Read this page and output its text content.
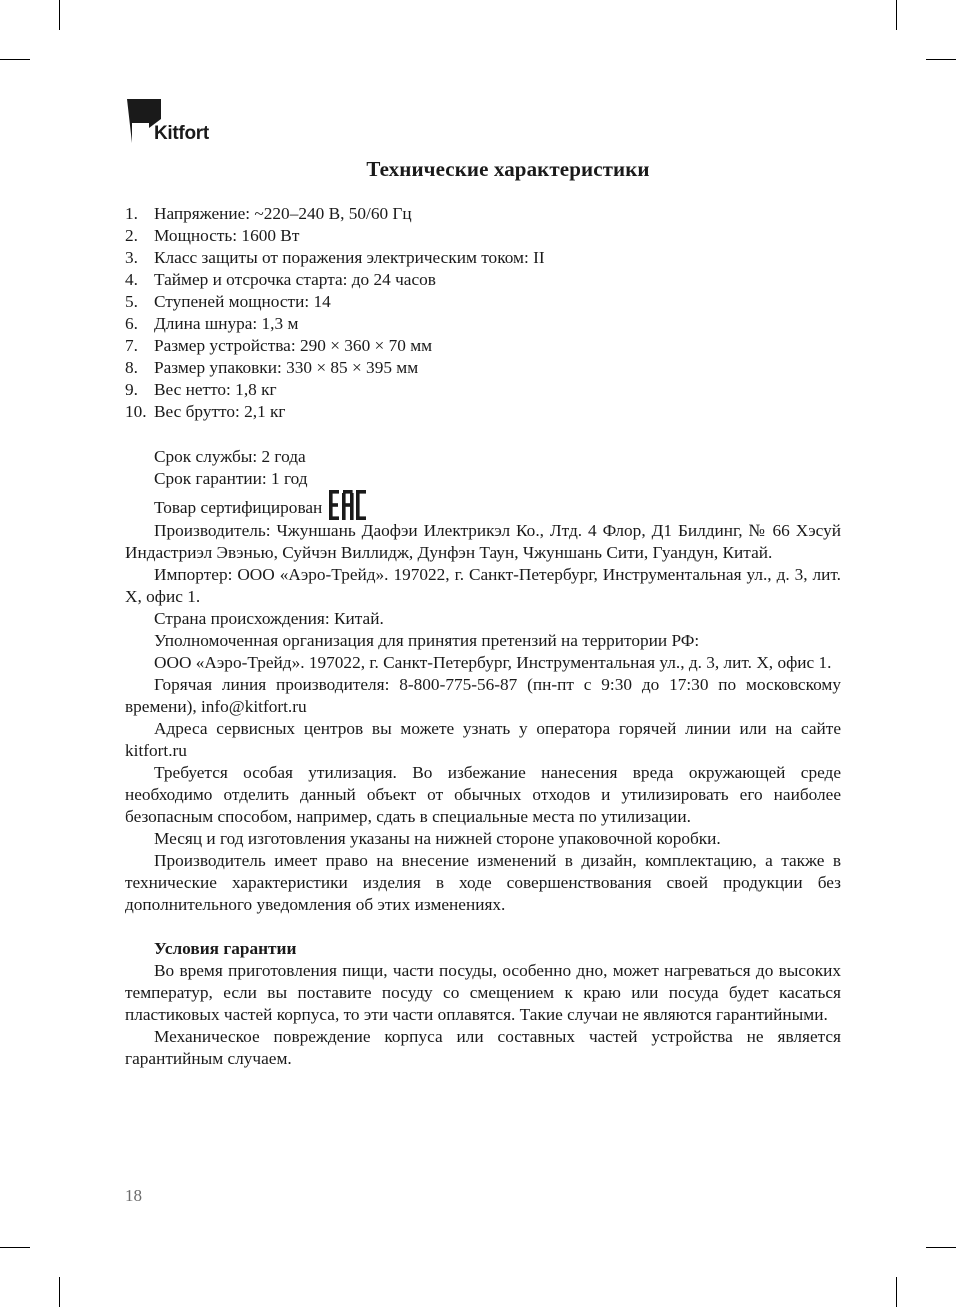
Kitfort
Технические характеристики
1. Напряжение: ~220–240 В, 50/60 Гц
2. Мощность: 1600 Вт
3. Класс защиты от поражения электрическим током: II
4. Таймер и отсрочка старта: до 24 часов
5. Ступеней мощности: 14
6. Длина шнура: 1,3 м
7. Размер устройства: 290 × 360 × 70 мм
8. Размер упаковки: 330 × 85 × 395 мм
9. Вес нетто: 1,8 кг
10. Вес брутто: 2,1 кг

Срок службы: 2 года

Срок гарантии: 1 год

Товар сертифицирован

Производитель: Чжуншань Даофэи Илектрикэл Ко., Лтд. 4 Флор, Д1 Билдинг, № 66 Хэсуй Индастриэл Эвэнью, Суйчэн Виллидж, Дунфэн Таун, Чжуншань Сити, Гуандун, Китай.

Импортер: ООО «Аэро-Трейд». 197022, г. Санкт-Петербург, Инструментальная ул., д. 3, лит. Х, офис 1.

Страна происхождения: Китай.

Уполномоченная организация для принятия претензий на территории РФ:

ООО «Аэро-Трейд». 197022, г. Санкт-Петербург, Инструментальная ул., д. 3, лит. Х, офис 1.

Горячая линия производителя: 8-800-775-56-87 (пн-пт с 9:30 до 17:30 по московскому времени), info@kitfort.ru

Адреса сервисных центров вы можете узнать у оператора горячей линии или на сайте kitfort.ru

Требуется особая утилизация. Во избежание нанесения вреда окружающей среде необходимо отделить данный объект от обычных отходов и утилизировать его наиболее безопасным способом, например, сдать в специальные места по утилизации.

Месяц и год изготовления указаны на нижней стороне упаковочной коробки.

Производитель имеет право на внесение изменений в дизайн, комплектацию, а также в технические характеристики изделия в ходе совершенствования своей продукции без дополнительного уведомления об этих изменениях.

Условия гарантии

Во время приготовления пищи, части посуды, особенно дно, может нагреваться до высоких температур, если вы поставите посуду со смещением к краю или посуда будет касаться пластиковых частей корпуса, то эти части оплавятся. Такие случаи не являются гарантийными.

Механическое повреждение корпуса или составных частей устройства не является гарантийным случаем.

18
